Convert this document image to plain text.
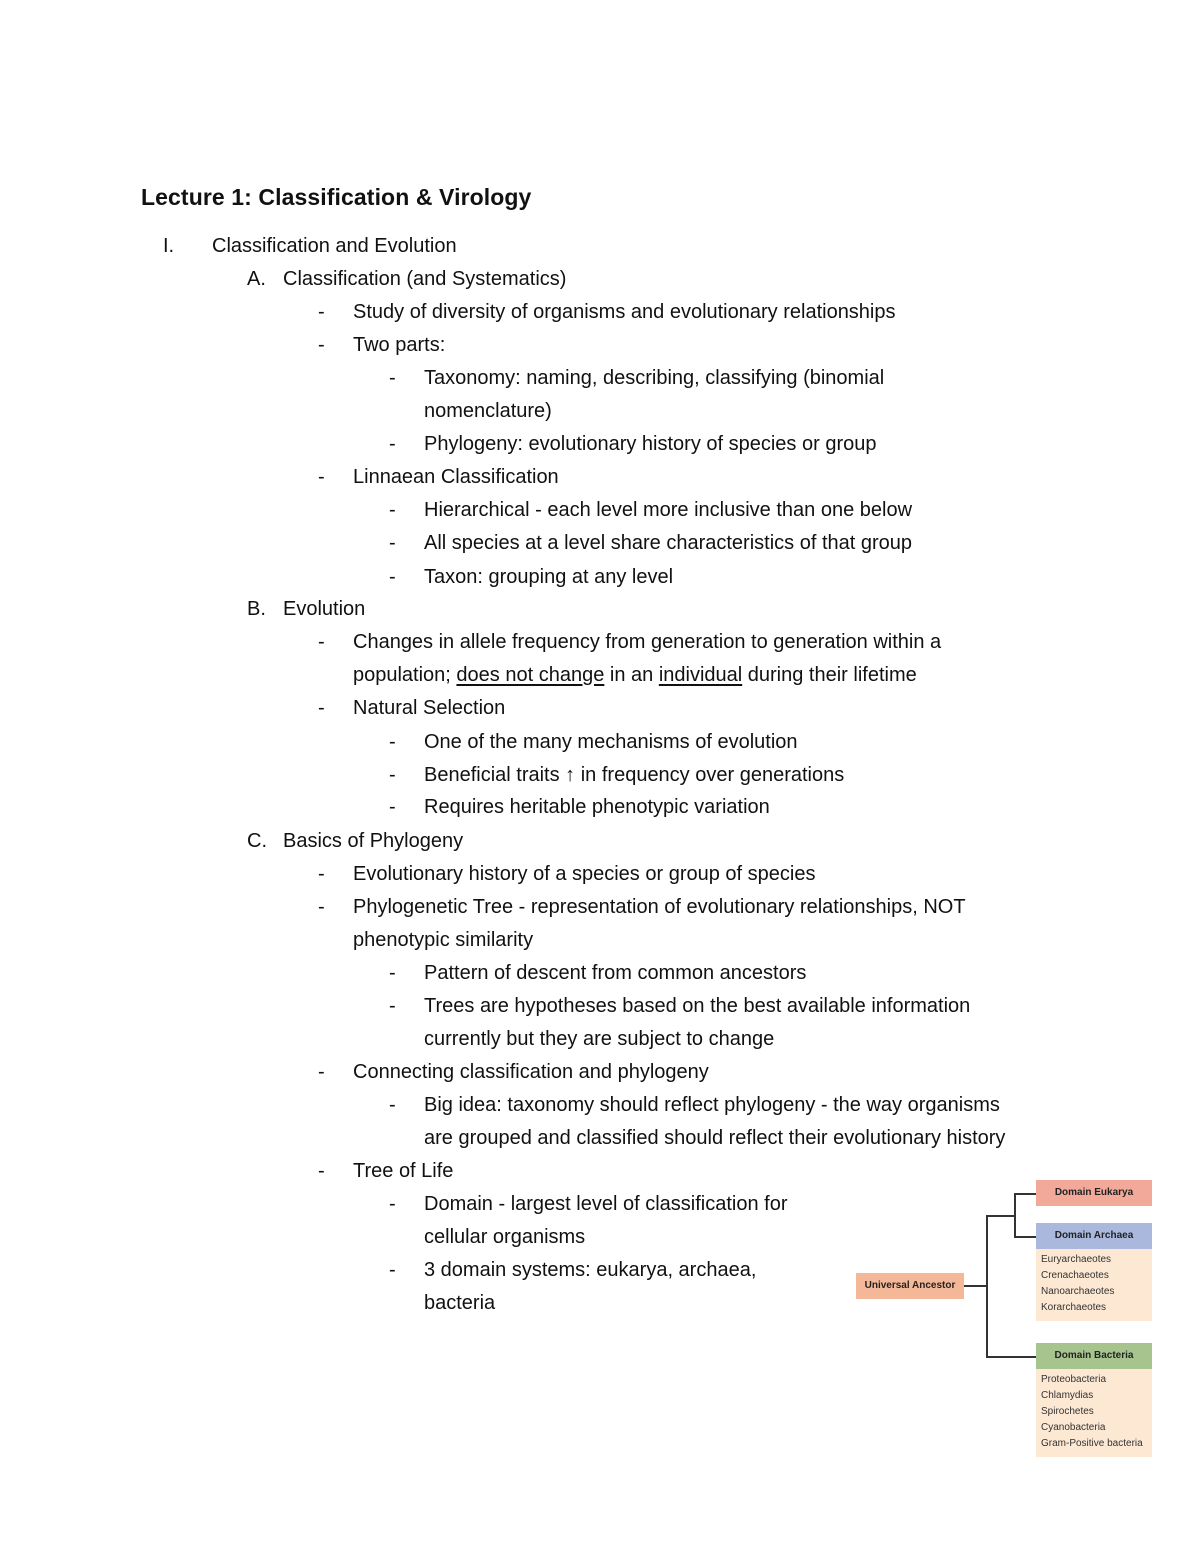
Lecture 1: Classification & Virology
I. Classification and Evolution
A. Classification (and Systematics)
- Study of diversity of organisms and evolutionary relationships
- Two parts:
- Taxonomy: naming, describing, classifying (binomial
nomenclature)
- Phylogeny: evolutionary history of species or group
- Linnaean Classification
- Hierarchical - each level more inclusive than one below
- All species at a level share characteristics of that group
- Taxon: grouping at any level
B. Evolution
- Changes in allele frequency from generation to generation within a
population; does not change in an individual during their lifetime
- Natural Selection
- One of the many mechanisms of evolution
- Beneficial traits ↑ in frequency over generations
- Requires heritable phenotypic variation
C. Basics of Phylogeny
- Evolutionary history of a species or group of species
- Phylogenetic Tree - representation of evolutionary relationships, NOT
phenotypic similarity
- Pattern of descent from common ancestors
- Trees are hypotheses based on the best available information
currently but they are subject to change
- Connecting classification and phylogeny
- Big idea: taxonomy should reflect phylogeny - the way organisms
are grouped and classified should reflect their evolutionary history
- Tree of Life
- Domain - largest level of classification for
cellular organisms
- 3 domain systems: eukarya, archaea,
bacteria
Universal Ancestor
Domain Eukarya
Domain Archaea
Euryarchaeotes
Crenachaeotes
Nanoarchaeotes
Korarchaeotes
Domain Bacteria
Proteobacteria
Chlamydias
Spirochetes
Cyanobacteria
Gram-Positive bacteria
